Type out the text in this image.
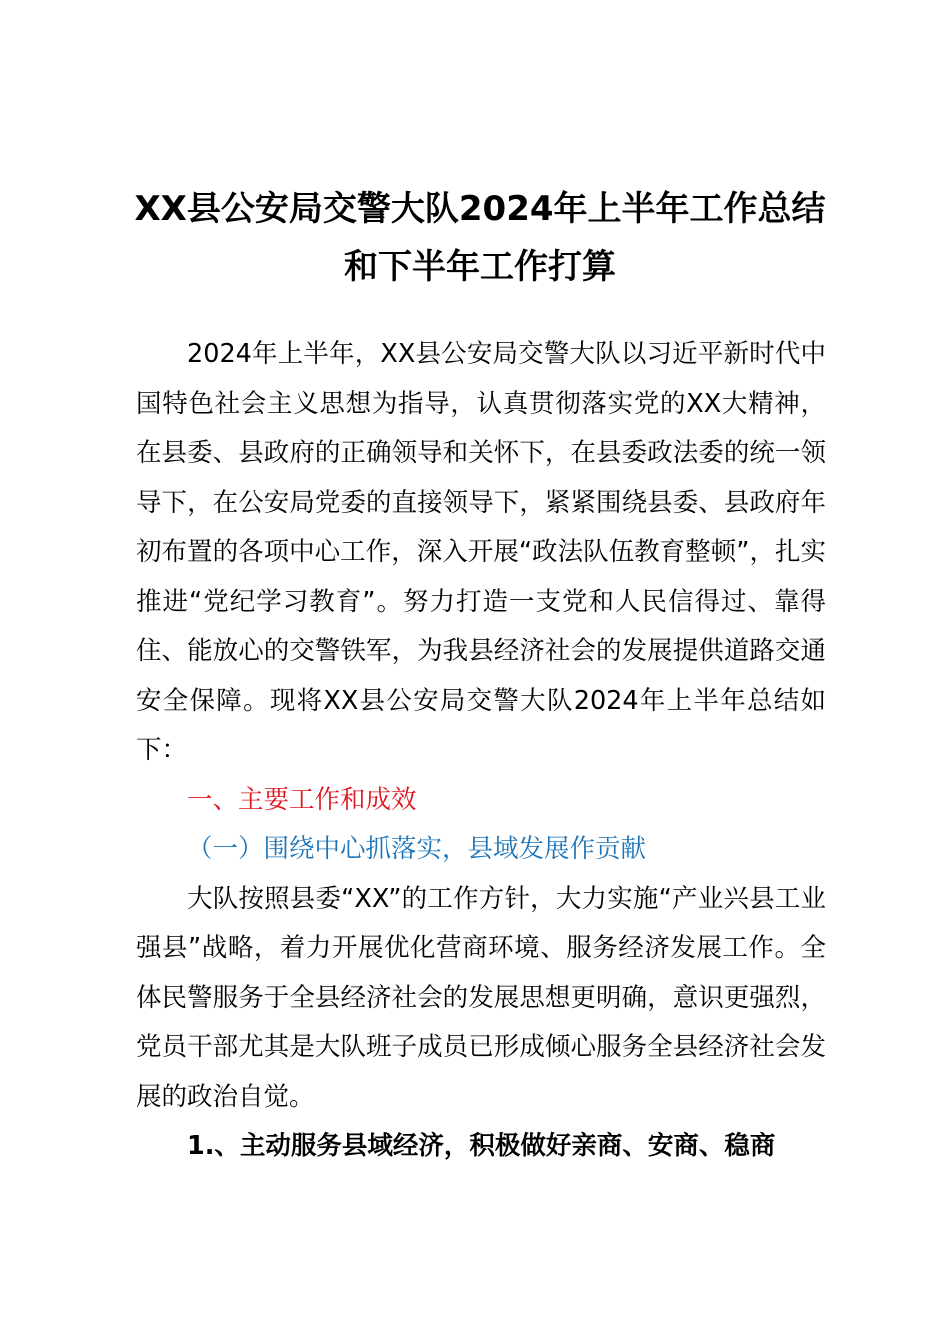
XX县公安局交警大队2024年上半年工作总结和下半年工作打算

2024年上半年，XX县公安局交警大队以习近平新时代中国特色社会主义思想为指导，认真贯彻落实党的XX大精神，在县委、县政府的正确领导和关怀下，在县委政法委的统一领导下，在公安局党委的直接领导下，紧紧围绕县委、县政府年初布置的各项中心工作，深入开展“政法队伍教育整顿”，扎实推进“党纪学习教育”。努力打造一支党和人民信得过、靠得住、能放心的交警铁军，为我县经济社会的发展提供道路交通安全保障。现将XX县公安局交警大队2024年上半年总结如下：

一、主要工作和成效

（一）围绕中心抓落实，县域发展作贡献

大队按照县委“XX”的工作方针，大力实施“产业兴县工业强县”战略，着力开展优化营商环境、服务经济发展工作。全体民警服务于全县经济社会的发展思想更明确，意识更强烈，党员干部尤其是大队班子成员已形成倾心服务全县经济社会发展的政治自觉。

1.、主动服务县域经济，积极做好亲商、安商、稳商
